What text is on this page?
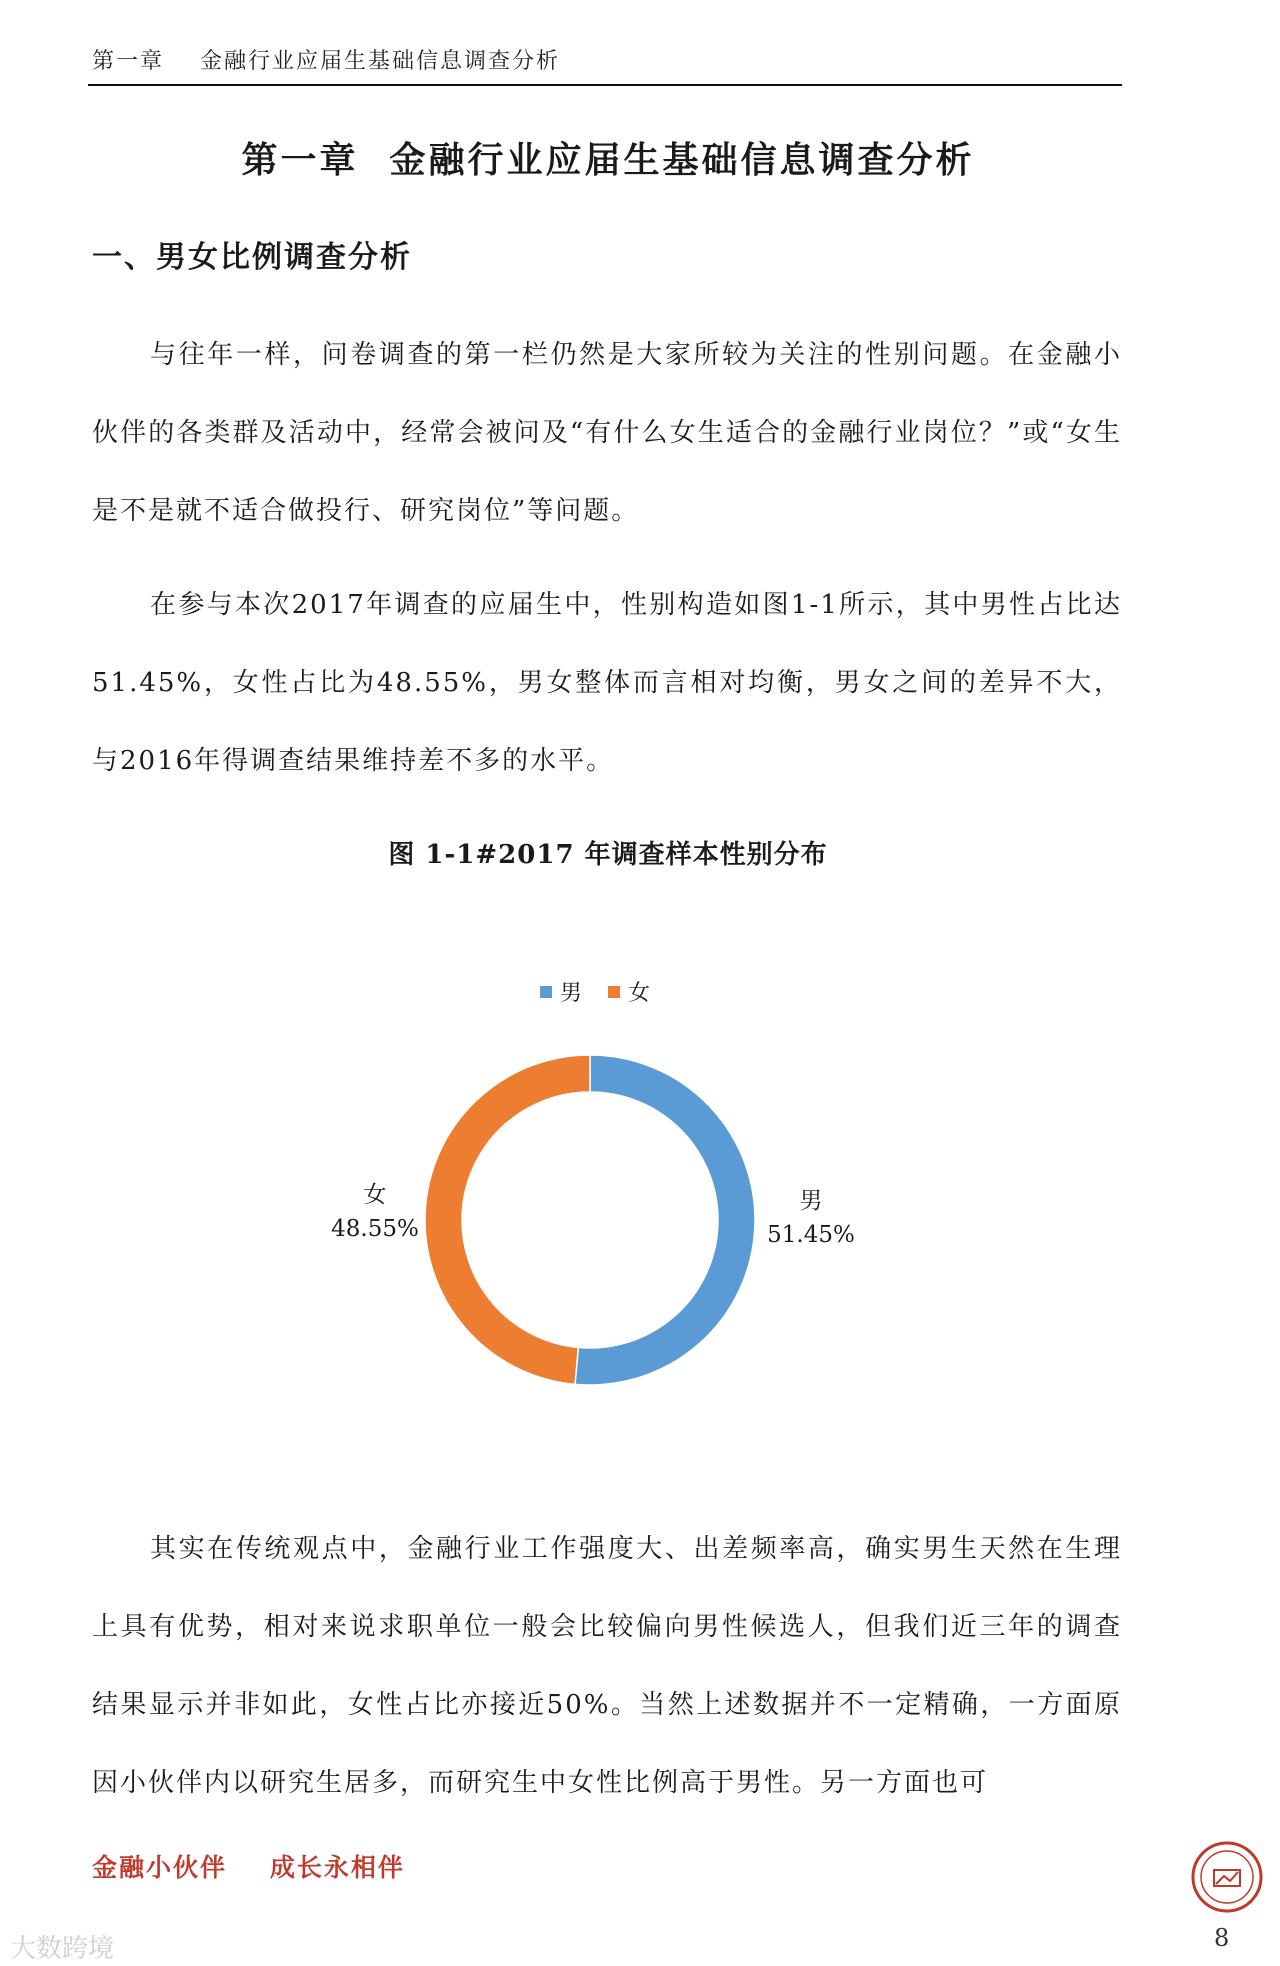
第一章    金融行业应届生基础信息调查分析
第一章  金融行业应届生基础信息调查分析
一、男女比例调查分析

与往年一样，问卷调查的第一栏仍然是大家所较为关注的性别问题。在金融小伙伴的各类群及活动中，经常会被问及“有什么女生适合的金融行业岗位？”或“女生是不是就不适合做投行、研究岗位”等问题。

在参与本次2017年调查的应届生中，性别构造如图1-1所示，其中男性占比达51.45%，女性占比为48.55%，男女整体而言相对均衡，男女之间的差异不大，与2016年得调查结果维持差不多的水平。

图 1-1#2017 年调查样本性别分布
男 女
女
48.55%
男
51.45%

其实在传统观点中，金融行业工作强度大、出差频率高，确实男生天然在生理上具有优势，相对来说求职单位一般会比较偏向男性候选人，但我们近三年的调查结果显示并非如此，女性占比亦接近50%。当然上述数据并不一定精确，一方面原因小伙伴内以研究生居多，而研究生中女性比例高于男性。另一方面也可

金融小伙伴    成长永相伴
8
大数跨境
